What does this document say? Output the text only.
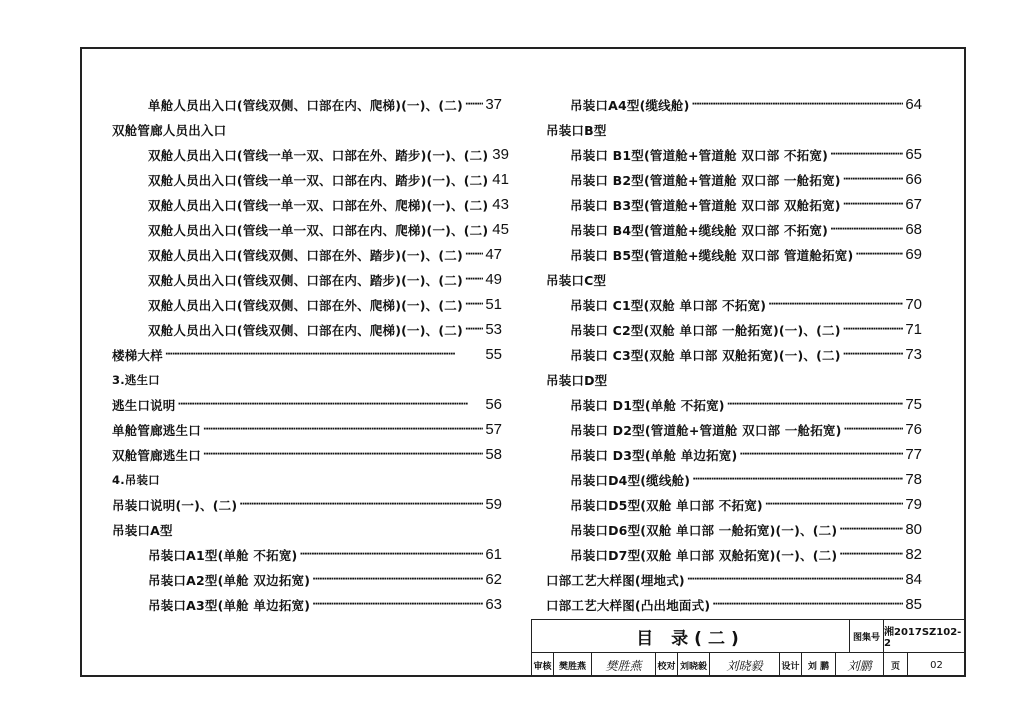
单舱人员出入口(管线双侧、口部在内、爬梯)(一)、(二) ····· 37
双舱管廊人员出入口
双舱人员出入口(管线一单一双、口部在外、踏步)(一)、(二) 39
双舱人员出入口(管线一单一双、口部在内、踏步)(一)、(二) 41
双舱人员出入口(管线一单一双、口部在外、爬梯)(一)、(二) 43
双舱人员出入口(管线一单一双、口部在内、爬梯)(一)、(二) 45
双舱人员出入口(管线双侧、口部在外、踏步)(一)、(二) ····· 47
双舱人员出入口(管线双侧、口部在内、踏步)(一)、(二) ····· 49
双舱人员出入口(管线双侧、口部在外、爬梯)(一)、(二) ····· 51
双舱人员出入口(管线双侧、口部在内、爬梯)(一)、(二) ····· 53
楼梯大样 ·····	55
3.逃生口
逃生口说明 ·····	56
单舱管廊逃生口 ·····	57
双舱管廊逃生口 ·····	58
4.吊装口
吊装口说明(一)、(二) ·····	59
吊装口A型
吊装口A1型(单舱 不拓宽) ·····	61
吊装口A2型(单舱 双边拓宽) ·····	62
吊装口A3型(单舱 单边拓宽) ·····	63
吊装口A4型(缆线舱) ·····	64
吊装口B型
吊装口 B1型(管道舱+管道舱 双口部 不拓宽) ·····	65
吊装口 B2型(管道舱+管道舱 双口部 一舱拓宽) ·····	66
吊装口 B3型(管道舱+管道舱 双口部 双舱拓宽) ·····	67
吊装口 B4型(管道舱+缆线舱 双口部 不拓宽) ·····	68
吊装口 B5型(管道舱+缆线舱 双口部 管道舱拓宽) ·····	69
吊装口C型
吊装口 C1型(双舱 单口部 不拓宽) ·····	70
吊装口 C2型(双舱 单口部 一舱拓宽)(一)、(二) ·····	71
吊装口 C3型(双舱 单口部 双舱拓宽)(一)、(二) ·····	73
吊装口D型
吊装口 D1型(单舱 不拓宽) ·····	75
吊装口 D2型(管道舱+管道舱 双口部 一舱拓宽) ·····	76
吊装口 D3型(单舱 单边拓宽) ·····	77
吊装口D4型(缆线舱) ·····	78
吊装口D5型(双舱 单口部 不拓宽) ·····	79
吊装口D6型(双舱 单口部 一舱拓宽)(一)、(二) ·····	80
吊装口D7型(双舱 单口部 双舱拓宽)(一)、(二) ·····	82
口部工艺大样图(埋地式) ·····	84
口部工艺大样图(凸出地面式) ·····	85
目 录(二)	图集号 湘2017SZ102-2
审核 樊胜燕	樊胜燕	校对 刘晓毅	刘晓毅	设计 刘 鹏	刘鹏	页	02
